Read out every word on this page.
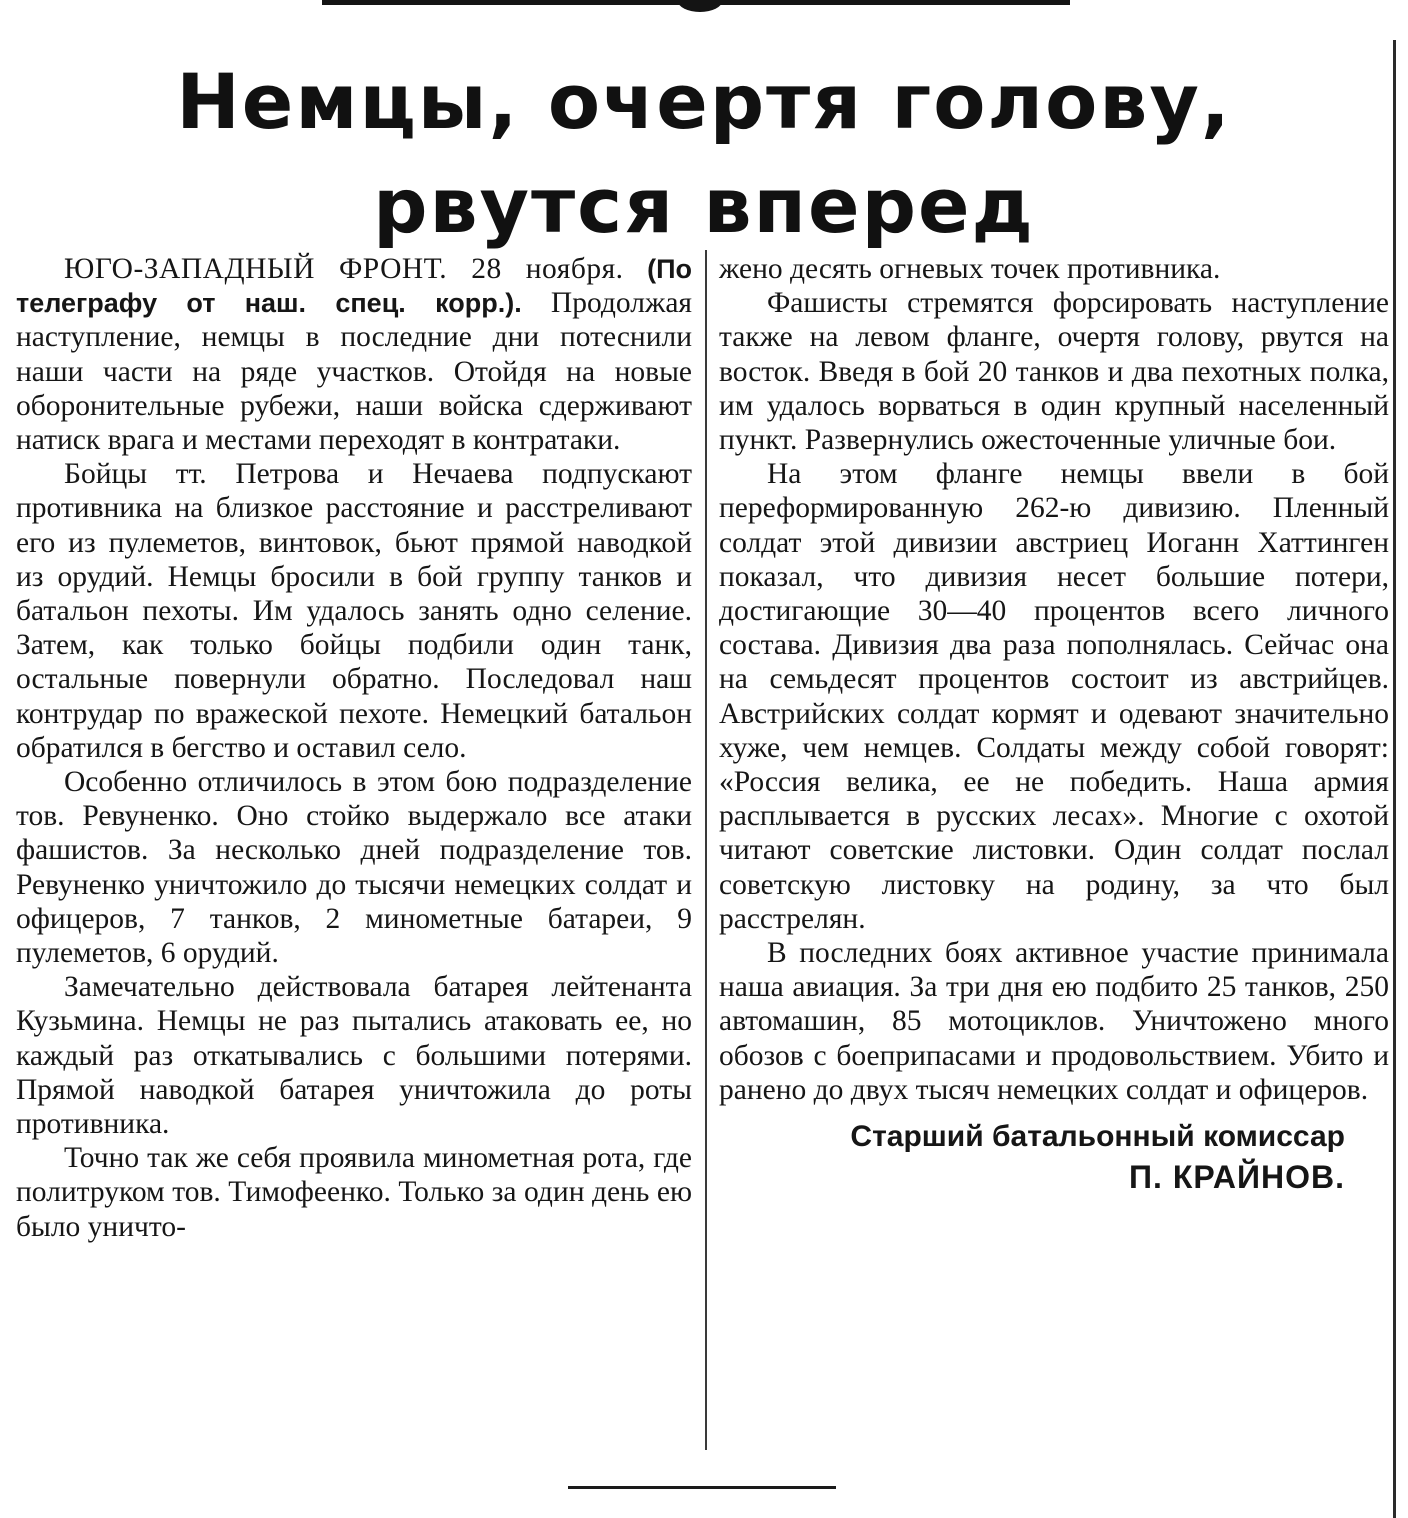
Немцы, очертя голову,
рвутся вперед

ЮГО-ЗАПАДНЫЙ ФРОНТ. 28 ноября. (По телеграфу от наш. спец. корр.). Продолжая наступление, немцы в последние дни потеснили наши части на ряде участков. Отойдя на новые оборонительные рубежи, наши войска сдерживают натиск врага и местами переходят в контратаки.

Бойцы тт. Петрова и Нечаева подпускают противника на близкое расстояние и расстреливают его из пулеметов, винтовок, бьют прямой наводкой из орудий. Немцы бросили в бой группу танков и батальон пехоты. Им удалось занять одно селение. Затем, как только бойцы подбили один танк, остальные повернули обратно. Последовал наш контрудар по вражеской пехоте. Немецкий батальон обратился в бегство и оставил село.

Особенно отличилось в этом бою подразделение тов. Ревуненко. Оно стойко выдержало все атаки фашистов. За несколько дней подразделение тов. Ревуненко уничтожило до тысячи немецких солдат и офицеров, 7 танков, 2 минометные батареи, 9 пулеметов, 6 орудий.

Замечательно действовала батарея лейтенанта Кузьмина. Немцы не раз пытались атаковать ее, но каждый раз откатывались с большими потерями. Прямой наводкой батарея уничтожила до роты противника.

Точно так же себя проявила минометная рота, где политруком тов. Тимофеенко. Только за один день ею было уничто-

жено десять огневых точек противника.

Фашисты стремятся форсировать наступление также на левом фланге, очертя голову, рвутся на восток. Введя в бой 20 танков и два пехотных полка, им удалось ворваться в один крупный населенный пункт. Развернулись ожесточенные уличные бои.

На этом фланге немцы ввели в бой переформированную 262-ю дивизию. Пленный солдат этой дивизии австриец Иоганн Хаттинген показал, что дивизия несет большие потери, достигающие 30—40 процентов всего личного состава. Дивизия два раза пополнялась. Сейчас она на семьдесят процентов состоит из австрийцев. Австрийских солдат кормят и одевают значительно хуже, чем немцев. Солдаты между собой говорят: «Россия велика, ее не победить. Наша армия расплывается в русских лесах». Многие с охотой читают советские листовки. Один солдат послал советскую листовку на родину, за что был расстрелян.

В последних боях активное участие принимала наша авиация. За три дня ею подбито 25 танков, 250 автомашин, 85 мотоциклов. Уничтожено много обозов с боеприпасами и продовольствием. Убито и ранено до двух тысяч немецких солдат и офицеров.

Старший батальонный комиссар
П. КРАЙНОВ.
